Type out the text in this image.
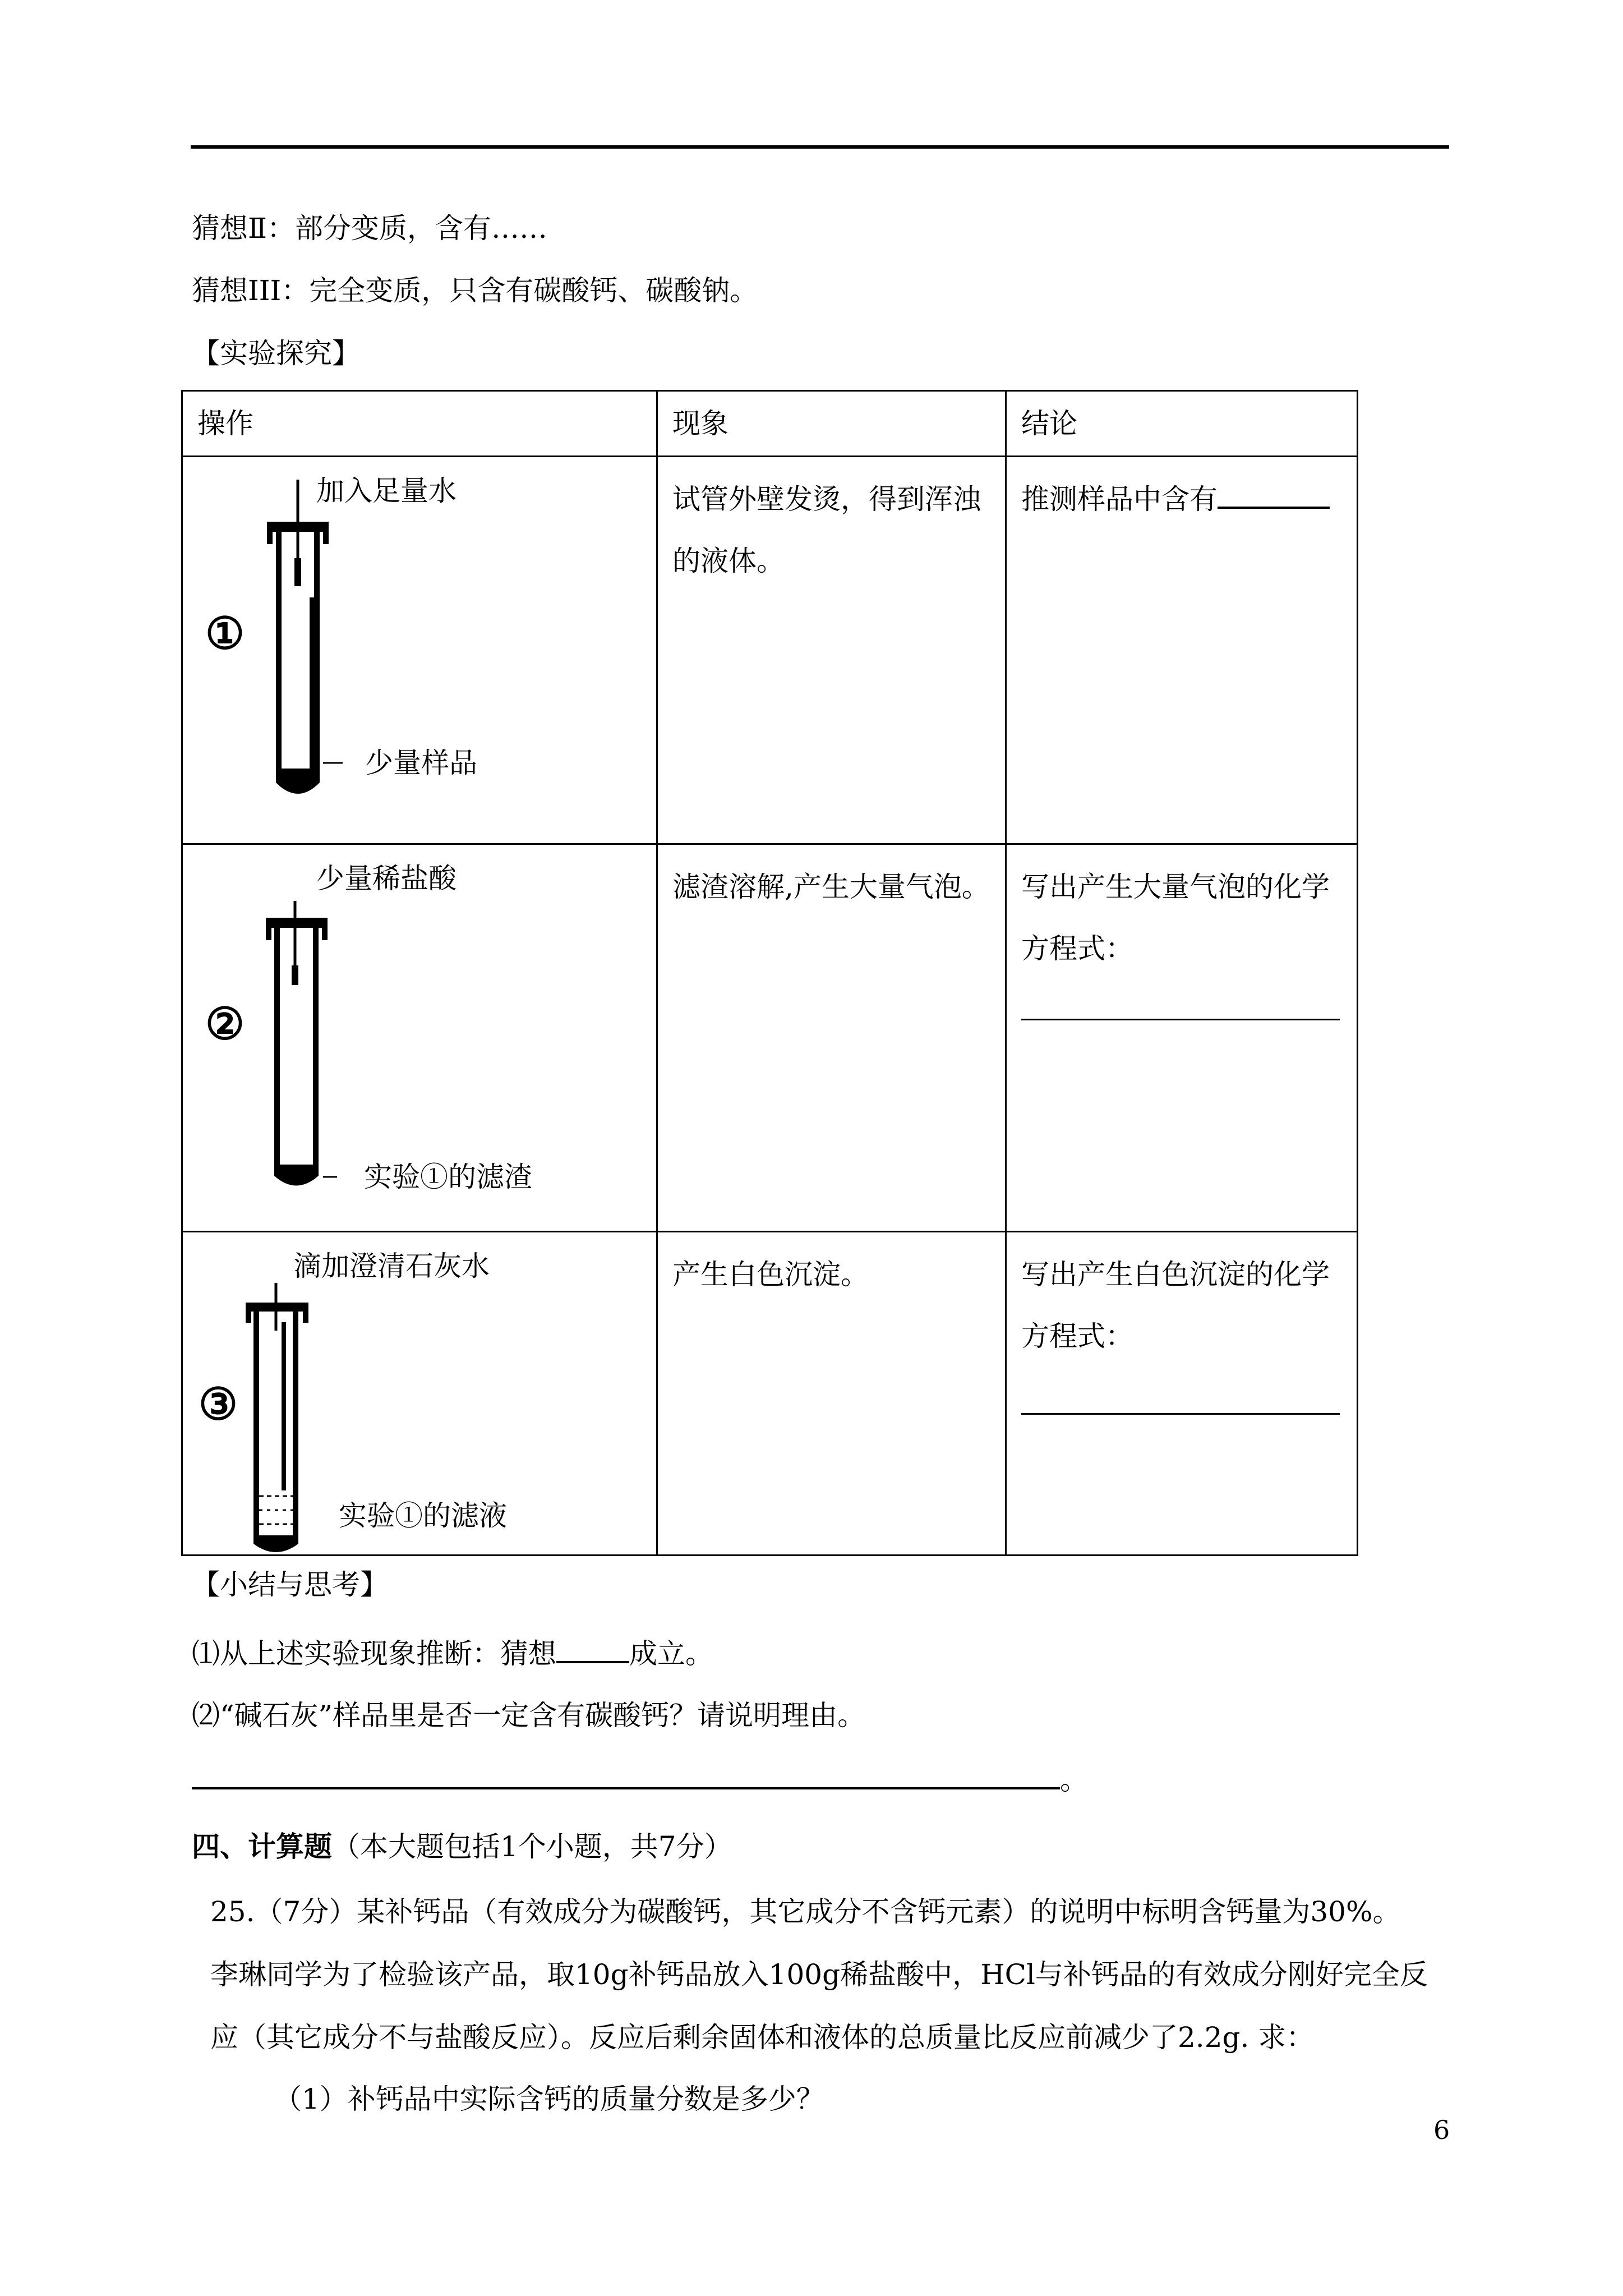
猜想Ⅱ：部分变质，含有……
猜想III：完全变质，只含有碳酸钙、碳酸钠。
【实验探究】
操作	现象	结论

①
加入足量水
少量样品	试管外壁发烫，得到浑浊的液体。	推测样品中含有

②
少量稀盐酸
实验①的滤渣	滤渣溶解,产生大量气泡。	写出产生大量气泡的化学方程式：

③
滴加澄清石灰水
实验①的滤液	产生白色沉淀。	写出产生白色沉淀的化学方程式：
【小结与思考】
⑴从上述实验现象推断：猜想	成立。
⑵“碱石灰”样品里是否一定含有碳酸钙？请说明理由。
。
四、计算题（本大题包括1个小题，共7分）
25.（7分）某补钙品（有效成分为碳酸钙，其它成分不含钙元素）的说明中标明含钙量为30%。
李琳同学为了检验该产品，取10g补钙品放入100g稀盐酸中，HCl与补钙品的有效成分刚好完全反
应（其它成分不与盐酸反应）。反应后剩余固体和液体的总质量比反应前减少了2.2g. 求：
（1）补钙品中实际含钙的质量分数是多少？
6
